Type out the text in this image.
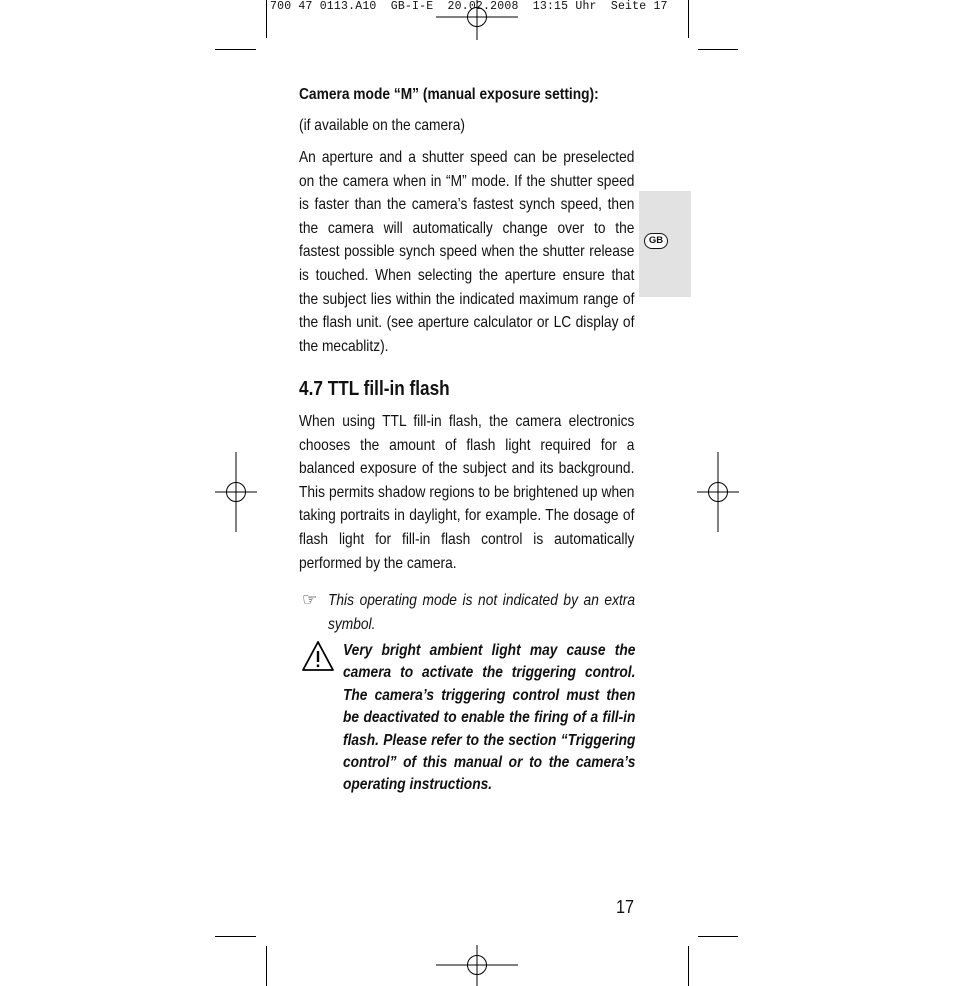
700 47 0113.A10  GB-I-E  20.02.2008  13:15 Uhr  Seite 17
GB
Camera mode “M” (manual exposure setting):
(if available on the camera)
An aperture and a shutter speed can be preselected on the camera when in “M” mode. If the shutter speed is faster than the camera’s fastest synch speed, then the camera will automatically change over to the fastest possible synch speed when the shutter release is touched. When selecting the aperture ensure that the subject lies within the indicated maximum range of the flash unit. (see aperture calculator or LC display of the mecablitz).
4.7 TTL fill-in flash
When using TTL fill-in flash, the camera electronics chooses the amount of flash light required for a balanced exposure of the subject and its background. This permits shadow regions to be brightened up when taking portraits in daylight, for example. The dosage of flash light for fill-in flash control is automatically performed by the camera.
☞ This operating mode is not indicated by an extra symbol.
Very bright ambient light may cause the camera to activate the triggering control. The camera’s triggering control must then be deactivated to enable the firing of a fill-in flash. Please refer to the section “Triggering control” of this manual or to the camera’s operating instructions.
17
